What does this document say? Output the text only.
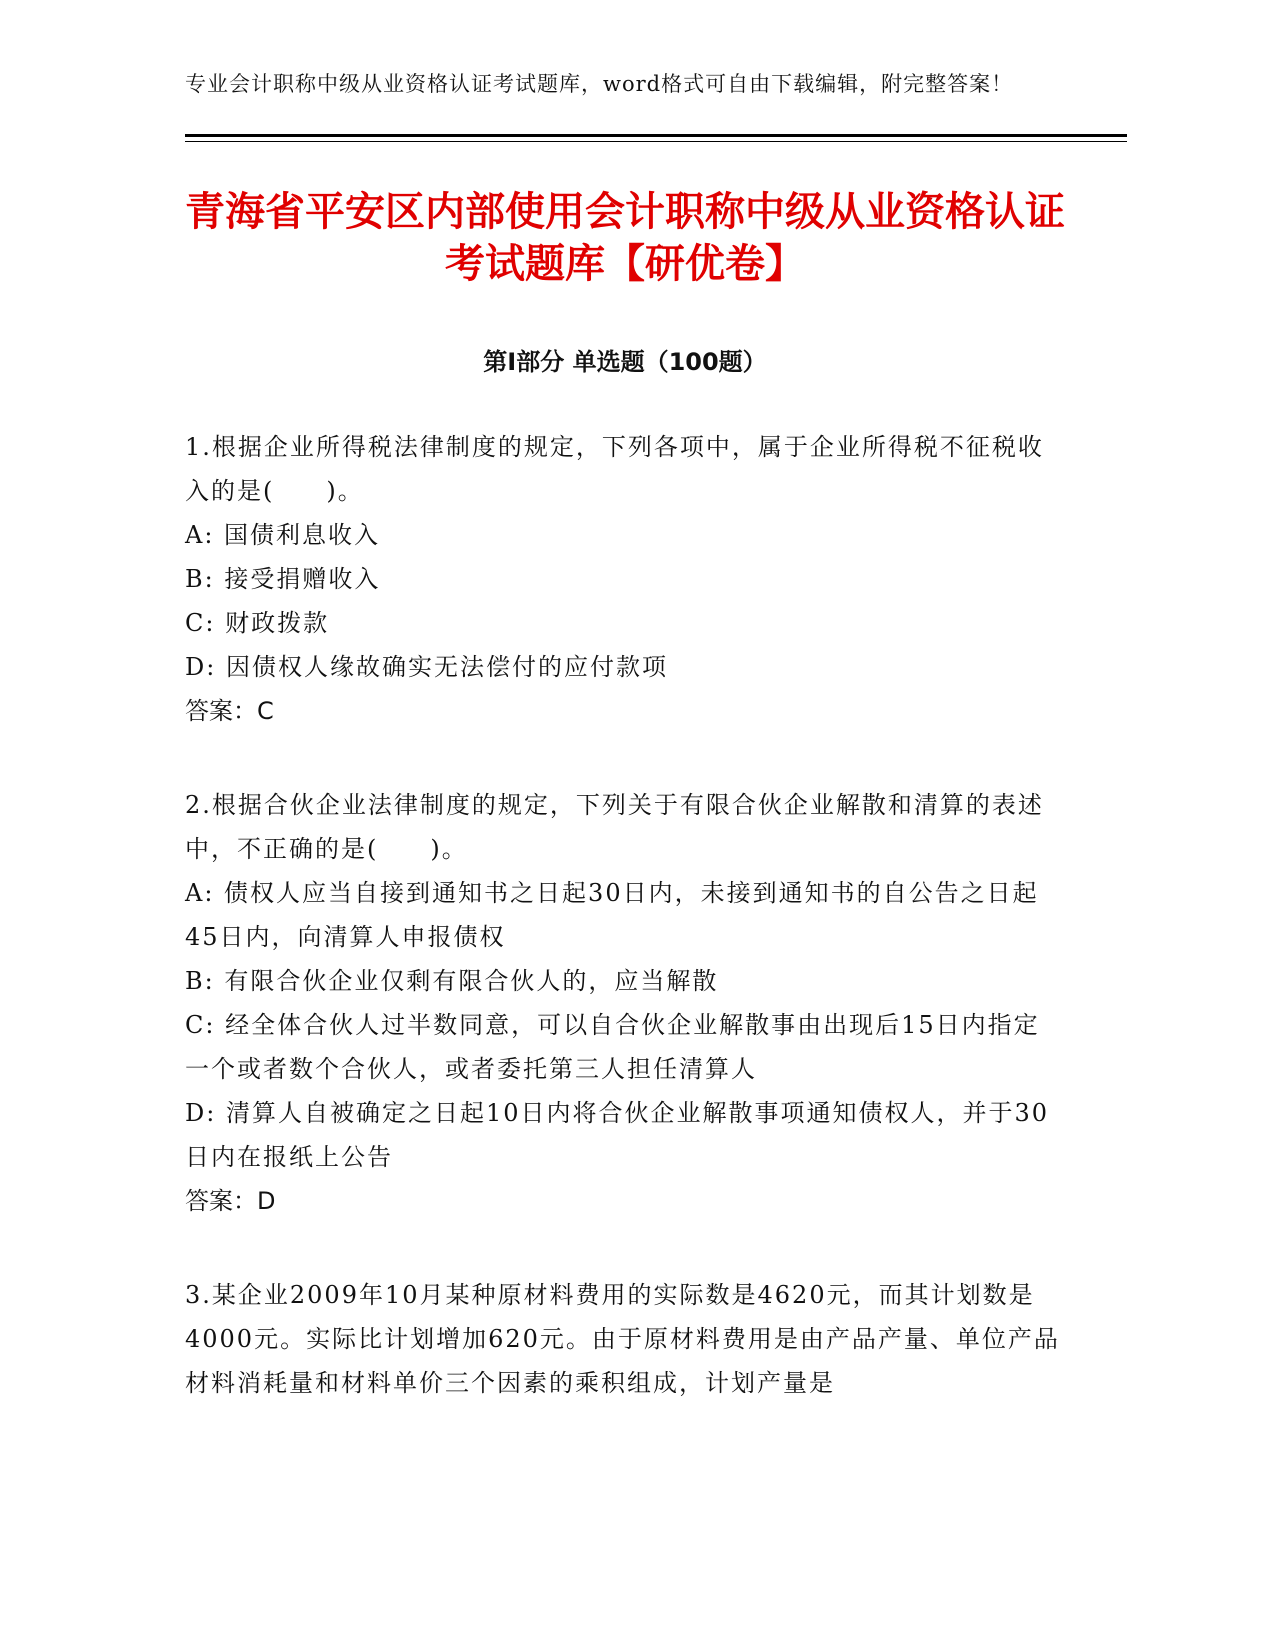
专业会计职称中级从业资格认证考试题库，word格式可自由下载编辑，附完整答案！

青海省平安区内部使用会计职称中级从业资格认证考试题库【研优卷】
第Ⅰ部分 单选题（100题）

1.根据企业所得税法律制度的规定，下列各项中，属于企业所得税不征税收入的是(　　)。

A: 国债利息收入

B: 接受捐赠收入

C: 财政拨款

D: 因债权人缘故确实无法偿付的应付款项

答案：C

2.根据合伙企业法律制度的规定，下列关于有限合伙企业解散和清算的表述中，不正确的是(　　)。

A: 债权人应当自接到通知书之日起30日内，未接到通知书的自公告之日起45日内，向清算人申报债权

B: 有限合伙企业仅剩有限合伙人的，应当解散

C: 经全体合伙人过半数同意，可以自合伙企业解散事由出现后15日内指定一个或者数个合伙人，或者委托第三人担任清算人

D: 清算人自被确定之日起10日内将合伙企业解散事项通知债权人，并于30日内在报纸上公告

答案：D

3.某企业2009年10月某种原材料费用的实际数是4620元，而其计划数是4000元。实际比计划增加620元。由于原材料费用是由产品产量、单位产品材料消耗量和材料单价三个因素的乘积组成，计划产量是
